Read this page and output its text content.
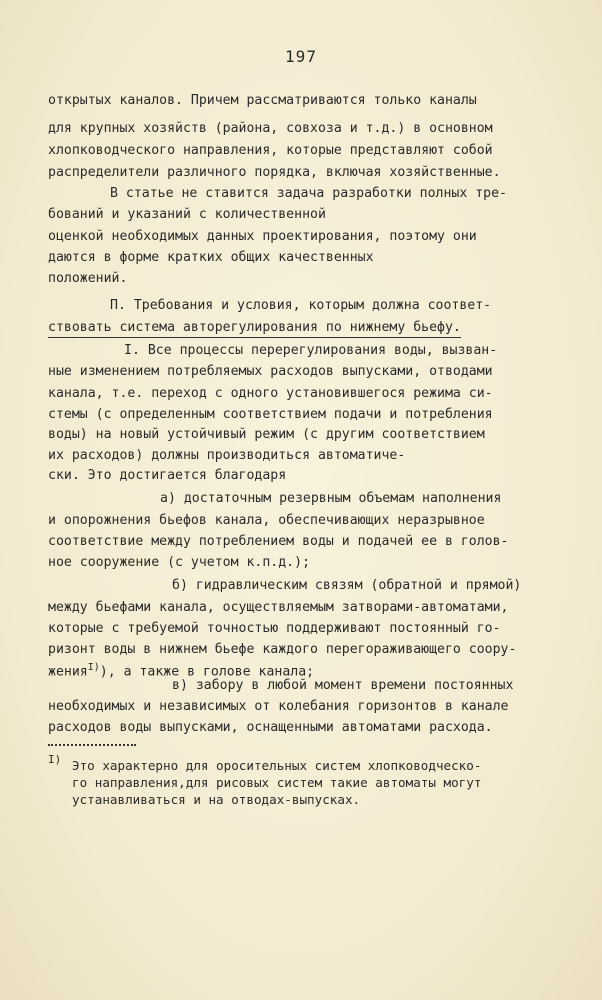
197
открытых каналов. Причем рассматриваются только каналы
для крупных хозяйств (района, совхоза и т.д.) в основном
хлопководческого направления, которые представляют собой
распределители различного порядка, включая хозяйственные.
В статье не ставится задача разработки полных тре-
бований и указаний с количественной
оценкой необходимых данных проектирования, поэтому они
даются в форме кратких общих качественных
положений.
П. Требования и условия, которым должна соответ-
ствовать система авторегулирования по нижнему бьефу.
I. Все процессы перерегулирования воды, вызван-
ные изменением потребляемых расходов выпусками, отводами
канала, т.е. переход с одного установившегося режима си-
стемы (с определенным соответствием подачи и потребления
воды) на новый устойчивый режим (с другим соответствием
их расходов) должны производиться автоматиче-
ски. Это достигается благодаря
а) достаточным резервным объемам наполнения
и опорожнения бьефов канала, обеспечивающих неразрывное
соответствие между потреблением воды и подачей ее в голов-
ное сооружение (с учетом к.п.д.);
б) гидравлическим связям (обратной и прямой)
между бьефами канала, осуществляемым затворами-автоматами,
которые с требуемой точностью поддерживают постоянный го-
ризонт воды в нижнем бьефе каждого перегораживающего соору-
жения$^{I)}$), а также в голове канала;
в) забору в любой момент времени постоянных
необходимых и независимых от колебания горизонтов в канале
расходов воды выпусками, оснащенными автоматами расхода.
I) Это характерно для оросительных систем хлопководческо-
го направления,для рисовых систем такие автоматы могут
устанавливаться и на отводах-выпусках.
